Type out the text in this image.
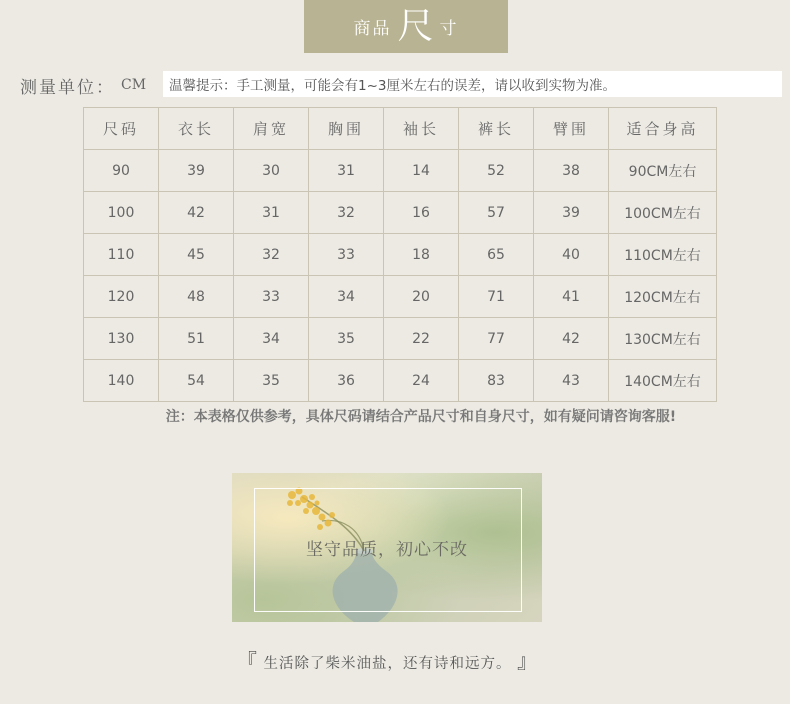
商品 尺 寸
测量单位： CM	温馨提示：手工测量，可能会有1~3厘米左右的误差，请以收到实物为准。
尺码	衣长	肩宽	胸围	袖长	裤长	臂围	适合身高
90	39	30	31	14	52	38	90CM左右
100	42	31	32	16	57	39	100CM左右
110	45	32	33	18	65	40	110CM左右
120	48	33	34	20	71	41	120CM左右
130	51	34	35	22	77	42	130CM左右
140	54	35	36	24	83	43	140CM左右
注：本表格仅供参考，具体尺码请结合产品尺寸和自身尺寸，如有疑问请咨询客服!
坚守品质，初心不改
『 生活除了柴米油盐，还有诗和远方。 』
